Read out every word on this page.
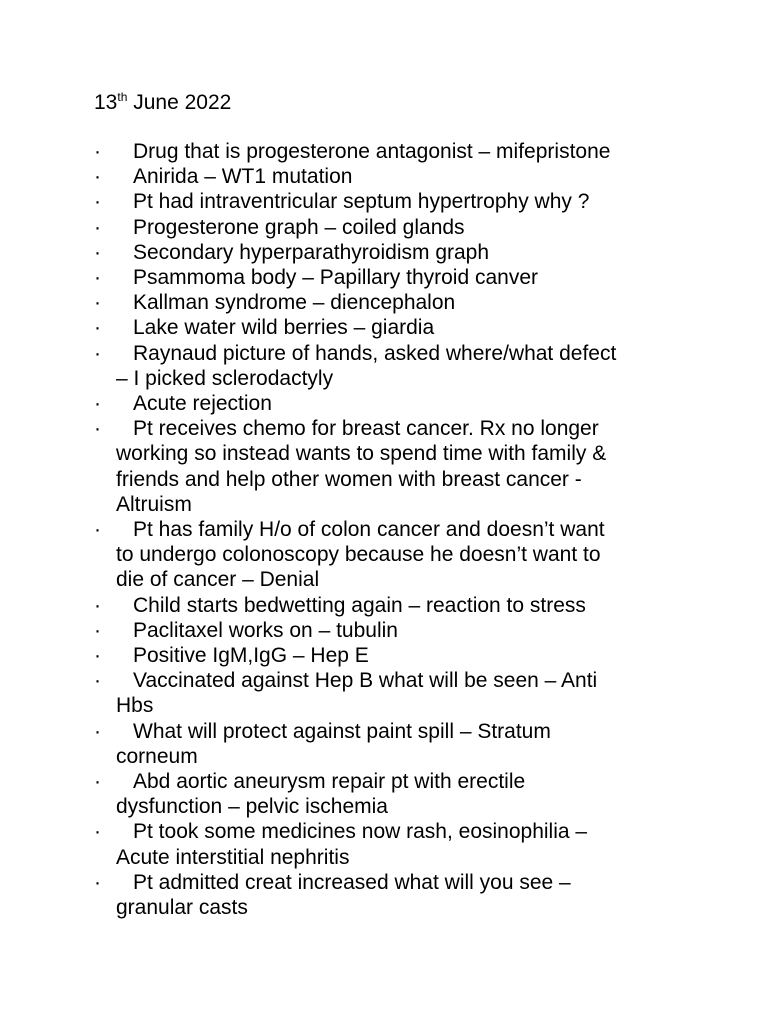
13th June 2022
·	Drug that is progesterone antagonist – mifepristone
·	Anirida – WT1 mutation
·	Pt had intraventricular septum hypertrophy why ?
·	Progesterone graph – coiled glands
·	Secondary hyperparathyroidism graph
·	Psammoma body – Papillary thyroid canver
·	Kallman syndrome – diencephalon
·	Lake water wild berries – giardia
·	Raynaud picture of hands, asked where/what defect
– I picked sclerodactyly
·	Acute rejection
·	Pt receives chemo for breast cancer. Rx no longer
working so instead wants to spend time with family &
friends and help other women with breast cancer -
Altruism
·	Pt has family H/o of colon cancer and doesn’t want
to undergo colonoscopy because he doesn’t want to
die of cancer – Denial
·	Child starts bedwetting again – reaction to stress
·	Paclitaxel works on – tubulin
·	Positive IgM,IgG – Hep E
·	Vaccinated against Hep B what will be seen – Anti
Hbs
·	What will protect against paint spill – Stratum
corneum
·	Abd aortic aneurysm repair pt with erectile
dysfunction – pelvic ischemia
·	Pt took some medicines now rash, eosinophilia –
Acute interstitial nephritis
·	Pt admitted creat increased what will you see –
granular casts
